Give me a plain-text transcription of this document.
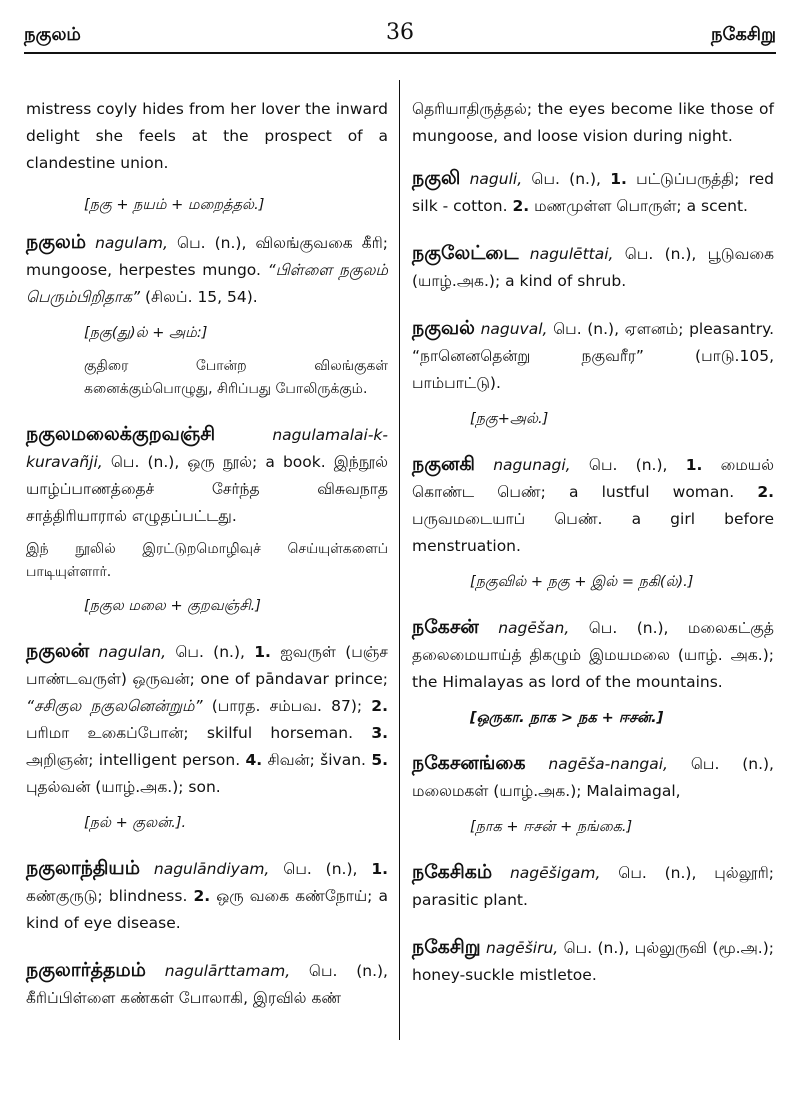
நகுலம்	36	நகேசிறு

mistress coyly hides from her lover the inward delight she feels at the prospect of a clandestine union.

[நகு + நயம் + மறைத்தல்.]

நகுலம் nagulam, பெ. (n.), விலங்குவகை கீரி; mungoose, herpestes mungo. “பிள்ளை நகுலம் பெரும்பிறிதாக” (சிலப். 15, 54).

[நகு(து)ல் + அம்:]
குதிரை போன்ற விலங்குகள் கனைக்கும்பொழுது, சிரிப்பது போலிருக்கும்.

நகுலமலைக்குறவஞ்சி	nagulamalai-k-kuravañji, பெ. (n.), ஒரு நூல்; a book. இந்நூல் யாழ்ப்பாணத்தைச் சேர்ந்த விசுவநாத சாத்திரியாரால் எழுதப்பட்டது.

இந் நூலில் இரட்டுறமொழிவுச் செய்யுள்களைப் பாடியுள்ளார்.

[நகுல மலை + குறவஞ்சி.]

நகுலன் nagulan, பெ. (n.), 1. ஐவருள் (பஞ்ச பாண்டவருள்) ஒருவன்; one of pāndavar prince; “சசிகுல நகுலனென்றும்” (பாரத. சம்பவ. 87); 2. பரிமா உகைப்போன்; skilful horseman. 3. அறிஞன்; intelligent person. 4. சிவன்; šivan. 5. புதல்வன் (யாழ்.அக.); son.

[நல் + குலன்.].

நகுலாந்தியம் nagulāndiyam, பெ. (n.), 1. கண்குருடு; blindness. 2. ஒரு வகை கண்நோய்; a kind of eye disease.

நகுலார்த்தமம் nagulārttamam, பெ. (n.), கீரிப்பிள்ளை கண்கள் போலாகி, இரவில் கண்

தெரியாதிருத்தல்; the eyes become like those of mungoose, and loose vision during night.

நகுலி naguli, பெ. (n.), 1. பட்டுப்பருத்தி; red silk - cotton. 2. மணமுள்ள பொருள்; a scent.

நகுலேட்டை nagulēttai, பெ. (n.), பூடுவகை (யாழ்.அக.); a kind of shrub.

நகுவல் naguval, பெ. (n.), ஏளனம்; pleasantry. “நானெனதென்று நகுவரீர”	(பாடு.105, பாம்பாட்டு).

[நகு+அல்.]

நகுனகி nagunagi, பெ. (n.), 1. மையல் கொண்ட பெண்; a lustful woman. 2. பருவமடையாப் பெண். a girl before menstruation.

[நகுவில் + நகு + இல் = நகி(ல்).]

நகேசன் nagēšan, பெ. (n.), மலைகட்குத் தலைமையாய்த் திகழும் இமயமலை (யாழ். அக.); the Himalayas as lord of the mountains.

[ஒருகா. நாக > நக + ஈசன்.]

நகேசனங்கை nagēša-nangai, பெ. (n.), மலைமகள் (யாழ்.அக.); Malaimagal,

[நாக + ஈசன் + நங்கை.]

நகேசிகம் nagēšigam, பெ. (n.), புல்லூரி; parasitic plant.

நகேசிறு nagēširu, பெ. (n.), புல்லுருவி (மூ.அ.); honey-suckle mistletoe.
